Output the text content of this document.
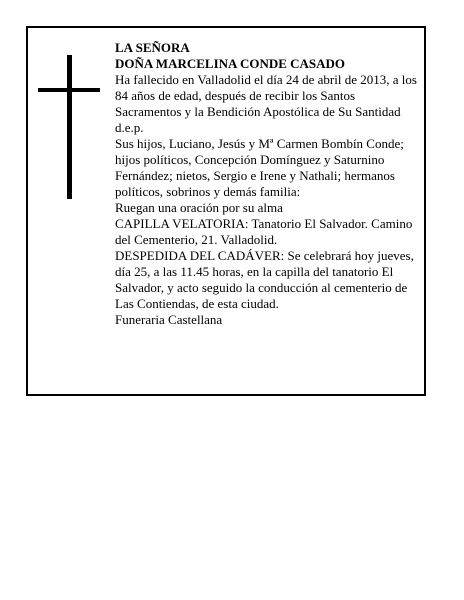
LA SEÑORA

DOÑA MARCELINA CONDE CASADO

Ha fallecido en Valladolid el día 24 de abril de 2013, a los 84 años de edad, después de recibir los Santos Sacramentos y la Bendición Apostólica de Su Santidad d.e.p.

Sus hijos, Luciano, Jesús y Mª Carmen Bombín Conde; hijos políticos, Concepción Domínguez y Saturnino Fernández; nietos, Sergio e Irene y Nathali; hermanos políticos, sobrinos y demás familia:

Ruegan una oración por su alma

CAPILLA VELATORIA: Tanatorio El Salvador. Camino del Cementerio, 21. Valladolid.

DESPEDIDA DEL CADÁVER: Se celebrará hoy jueves, día 25, a las 11.45 horas, en la capilla del tanatorio El Salvador, y acto seguido la conducción al cementerio de Las Contiendas, de esta ciudad.

Funeraria Castellana
